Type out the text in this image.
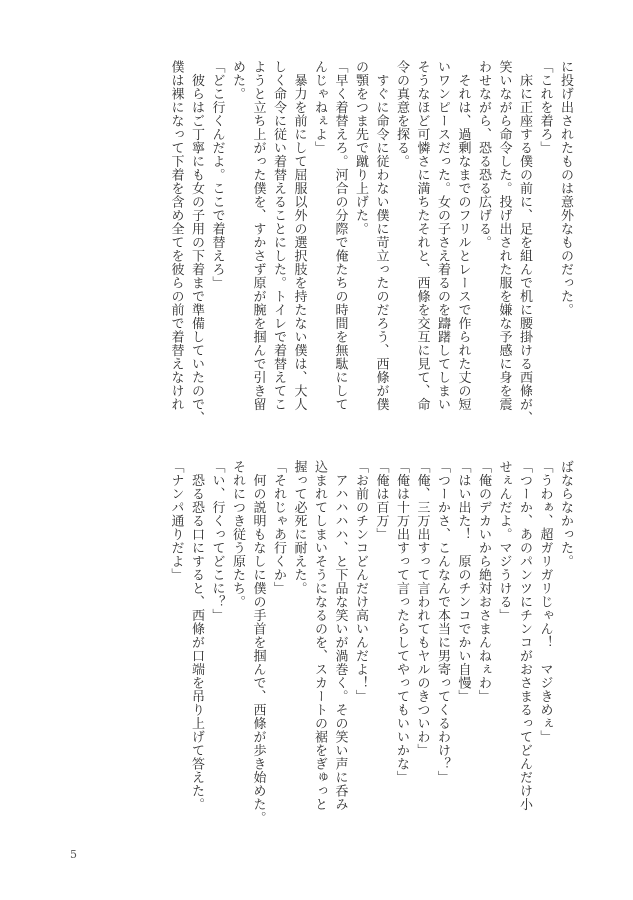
に投げ出されたものは意外なものだった。

「これを着ろ」

　床に正座する僕の前に、足を組んで机に腰掛ける西條が、

笑いながら命令した。投げ出された服を嫌な予感に身を震

わせながら、恐る恐る広げる。

　それは、過剰なまでのフリルとレースで作られた丈の短

いワンピースだった。女の子さえ着るのを躊躇してしまい

そうなほど可憐さに満ちたそれと、西條を交互に見て、命

令の真意を探る。

　すぐに命令に従わない僕に苛立ったのだろう、西條が僕

の顎をつま先で蹴り上げた。

「早く着替えろ。河合の分際で俺たちの時間を無駄にして

んじゃねぇよ」

　暴力を前にして屈服以外の選択肢を持たない僕は、大人

しく命令に従い着替えることにした。トイレで着替えてこ

ようと立ち上がった僕を、すかさず原が腕を掴んで引き留

めた。

「どこ行くんだよ。ここで着替えろ」

　彼らはご丁寧にも女の子用の下着まで準備していたので、

僕は裸になって下着を含め全てを彼らの前で着替えなけれ

ばならなかった。

「うわぁ、超ガリガリじゃん！　マジきめぇ」

「つーか、あのパンツにチンコがおさまるってどんだけ小

せぇんだよ。マジうける」

「俺のデカいから絶対おさまんねぇわ」

「はい出た！　原のチンコでかい自慢」

「つーかさ、こんなんで本当に男寄ってくるわけ？」

「俺、三万出すって言われてもヤルのきついわ」

「俺は十万出すって言ったらしてやってもいいかな」

「俺は百万」

「お前のチンコどんだけ高いんだよ！」

　アハハハハ、と下品な笑いが渦巻く。その笑い声に呑み

込まれてしまいそうになるのを、スカートの裾をぎゅっと

握って必死に耐えた。

「それじゃあ行くか」

　何の説明もなしに僕の手首を掴んで、西條が歩き始めた。

それにつき従う原たち。

「い、行くってどこに？」

　恐る恐る口にすると、西條が口端を吊り上げて答えた。

「ナンパ通りだよ」

5
